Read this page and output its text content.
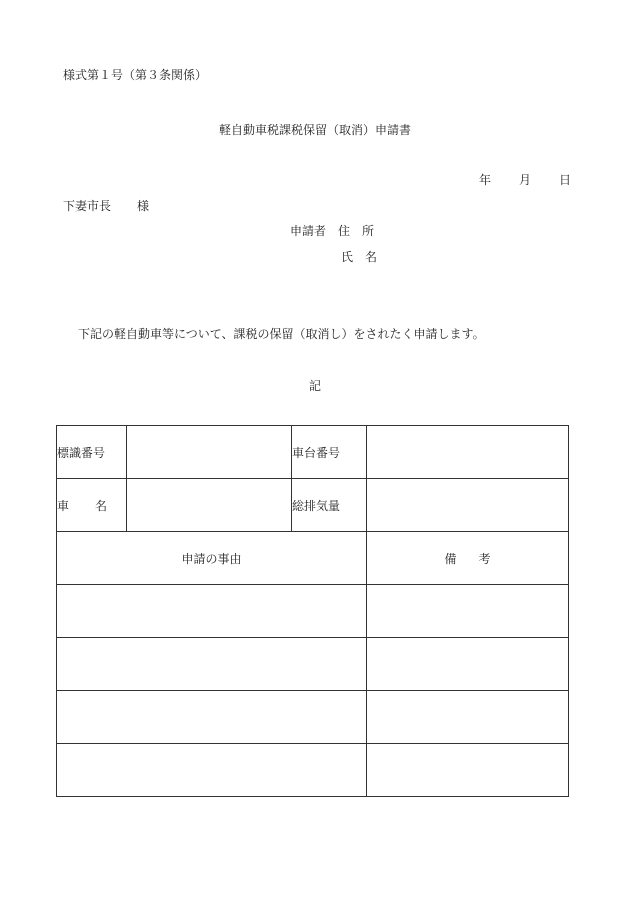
様式第１号（第３条関係）
軽自動車税課税保留（取消）申請書
年 月 日
下妻市長 様
申請者 住　所
氏　名
下記の軽自動車等について、課税の保留（取消し）をされたく申請します。
記
標識番号		車台番号	

車 名		総排気量	
申請の事由			備 考
